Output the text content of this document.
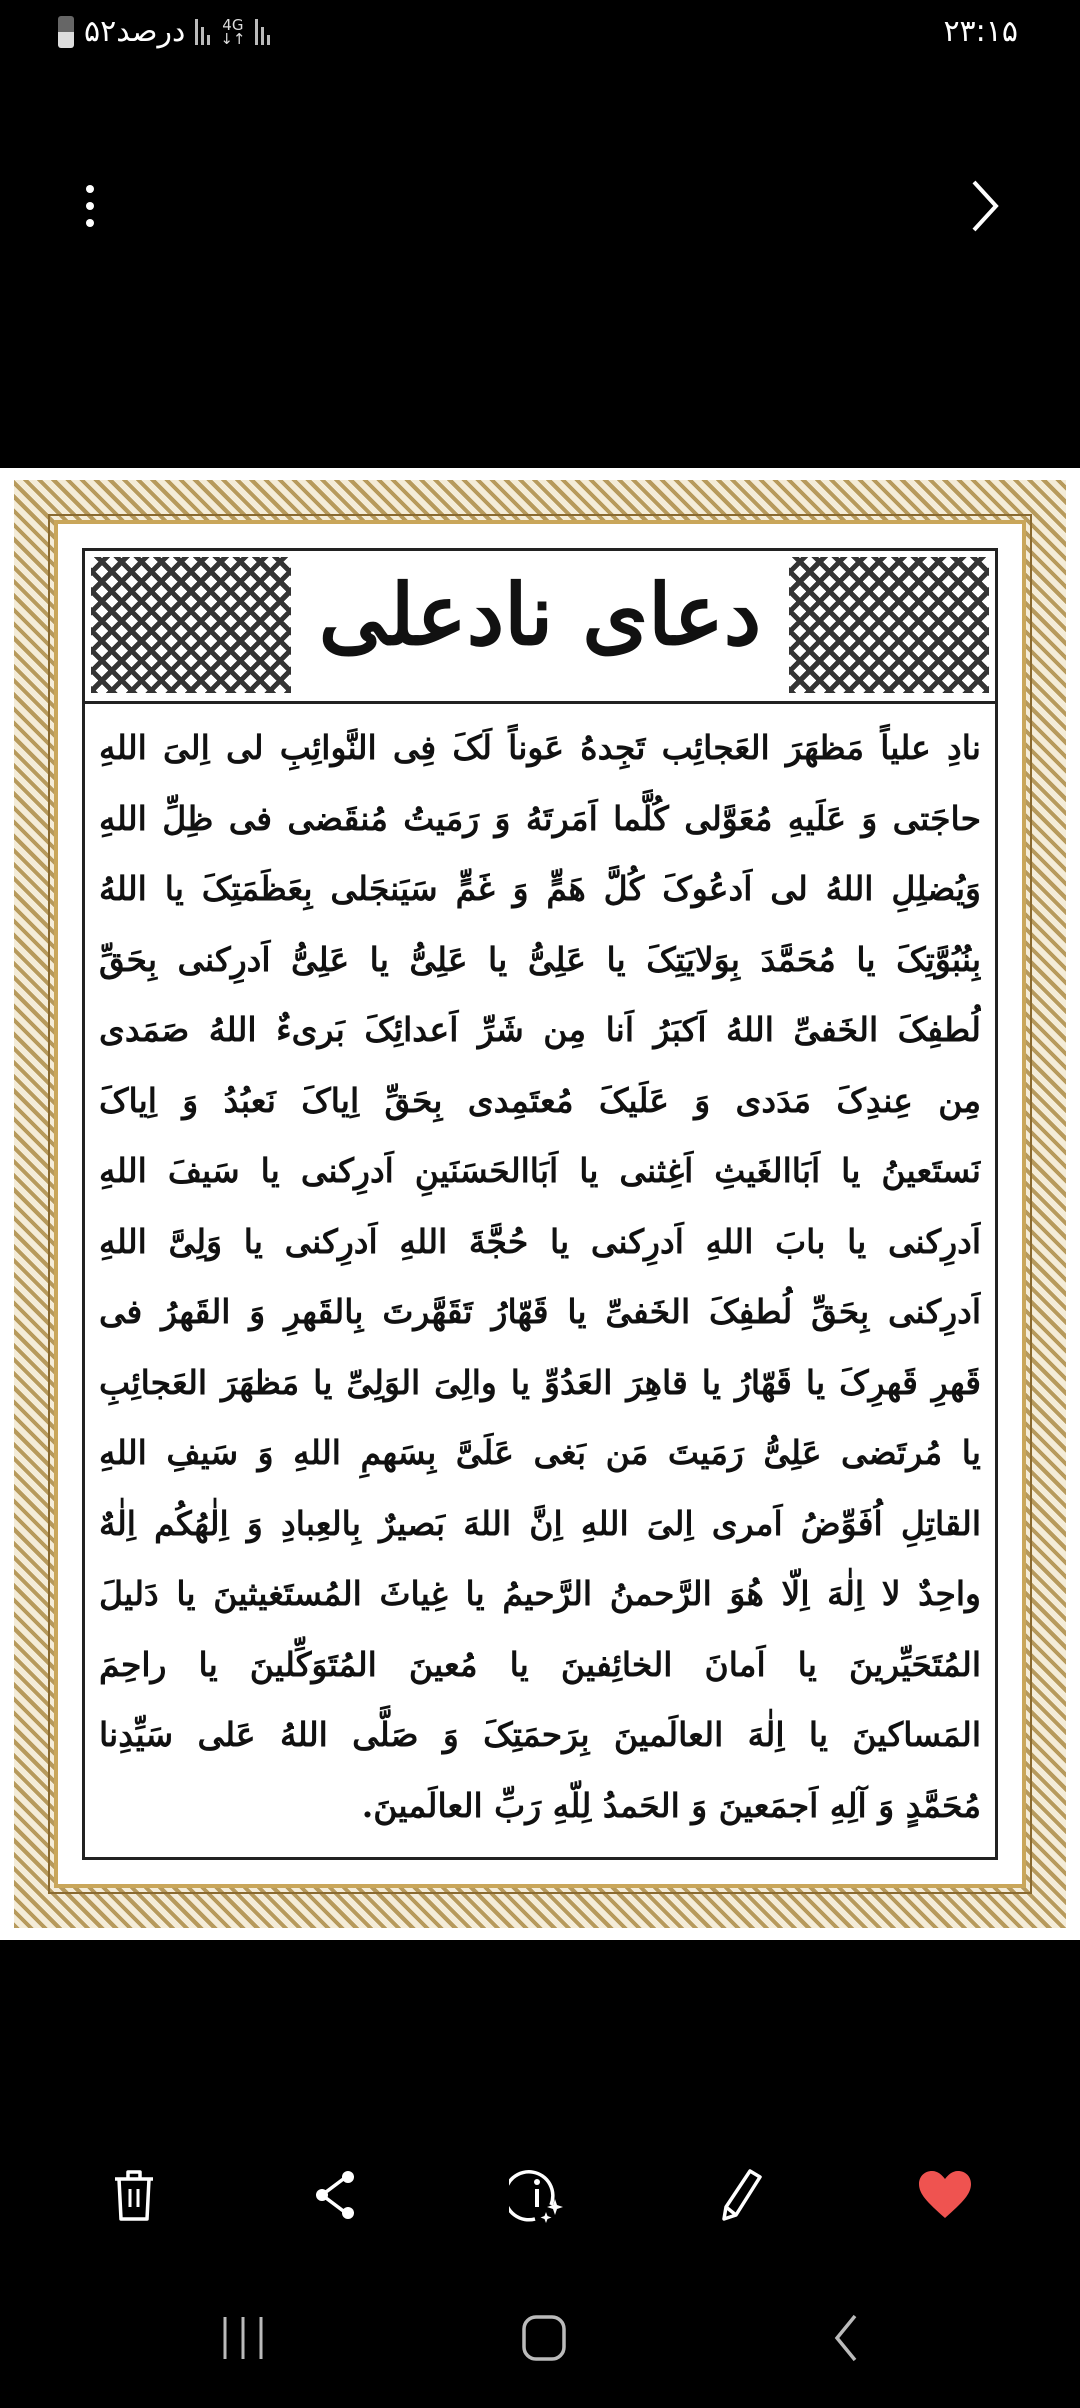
۵۲درصد 4G
↓↑	۲۳:۱۵
دعای نادعلی
نادِ علیاً مَظهَرَ العَجائِب تَجِدهُ عَوناً لَکَ فِی النَّوائِبِ لی اِلیَ اللهِ
حاجَتی وَ عَلَیهِ مُعَوَّلی کُلَّما اَمَرتَهُ وَ رَمَیتُ مُنقَضی فی ظِلِّ اللهِ
وَیُضلِلِ اللهُ لی اَدعُوکَ کُلَّ هَمٍّ وَ غَمٍّ سَیَنجَلی بِعَظَمَتِکَ یا اللهُ
بِنُبُوَّتِکَ یا مُحَمَّدَ بِوَلایَتِکَ یا عَلِیُّ یا عَلِیُّ یا عَلِیُّ اَدرِکنی بِحَقِّ
لُطفِکَ الخَفیِّ اللهُ اَکبَرُ اَنا مِن شَرِّ اَعدائِکَ بَریءٌ اللهُ صَمَدی
مِن عِندِکَ مَدَدی وَ عَلَیکَ مُعتَمِدی بِحَقِّ اِیاکَ نَعبُدُ وَ اِیاکَ
نَستَعینُ یا اَبَاالغَیثِ اَغِثنی یا اَبَاالحَسَنَینِ اَدرِکنی یا سَیفَ اللهِ
اَدرِکنی یا بابَ اللهِ اَدرِکنی یا حُجَّةَ اللهِ اَدرِکنی یا وَلِیَّ اللهِ
اَدرِکنی بِحَقِّ لُطفِکَ الخَفیِّ یا قَهّارُ تَقَهَّرتَ بِالقَهرِ وَ القَهرُ فی
قَهرِ قَهرِکَ یا قَهّارُ یا قاهِرَ العَدُوِّ یا والِیَ الوَلِیِّ یا مَظهَرَ العَجائِبِ
یا مُرتَضی عَلِیُّ رَمَیتَ مَن بَغی عَلَیَّ بِسَهمِ اللهِ وَ سَیفِ اللهِ
القاتِلِ اُفَوِّضُ اَمری اِلیَ اللهِ اِنَّ اللهَ بَصیرٌ بِالعِبادِ وَ اِلٰهُکُم اِلٰهٌ
واحِدٌ لا اِلٰهَ اِلّا هُوَ الرَّحمنُ الرَّحیمُ یا غِیاثَ المُستَغیثینَ یا دَلیلَ
المُتَحَیِّرینَ یا اَمانَ الخائِفینَ یا مُعینَ المُتَوَکِّلینَ یا راحِمَ
المَساکینَ یا اِلٰهَ العالَمینَ بِرَحمَتِکَ وَ صَلَّی اللهُ عَلی سَیِّدِنا
مُحَمَّدٍ وَ آلِهِ اَجمَعینَ وَ الحَمدُ لِلّهِ رَبِّ العالَمینَ.
